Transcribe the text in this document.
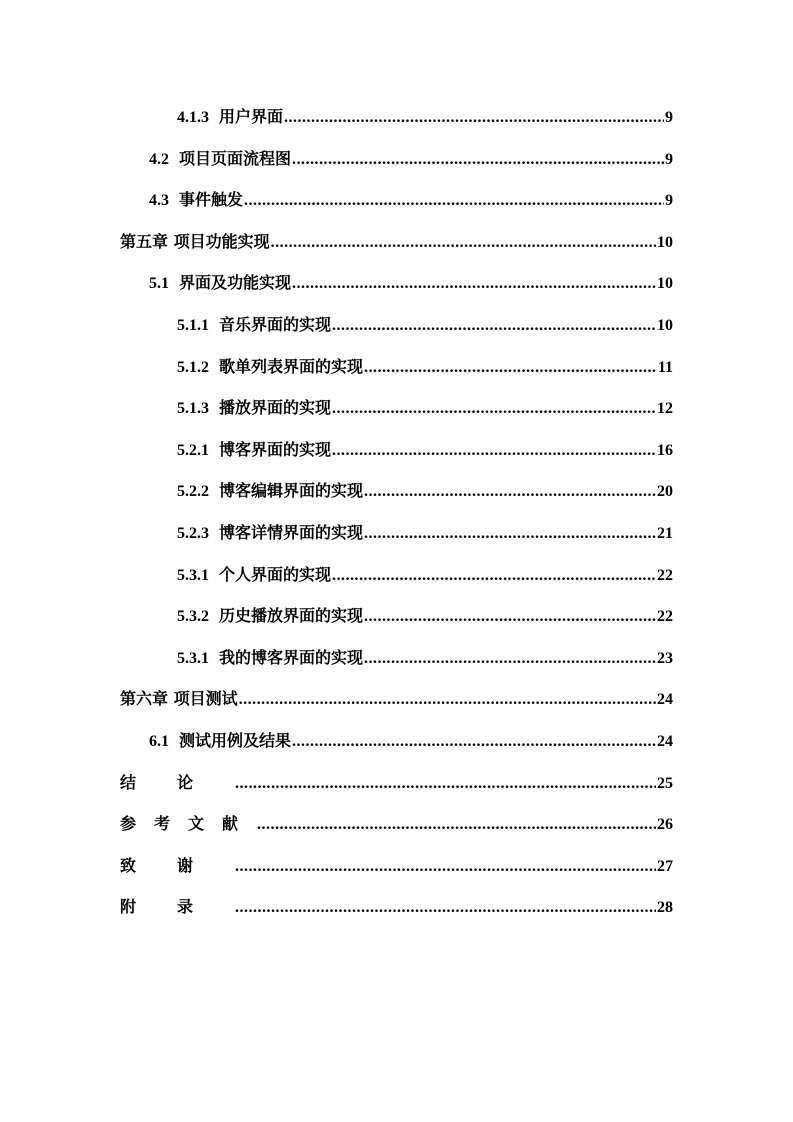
4.1.3 用户界面 .....	9
4.2 项目页面流程图 .....	9
4.3 事件触发 .....	9
第五章 项目功能实现 .....	10
5.1 界面及功能实现 .....	10
5.1.1 音乐界面的实现 .....	10
5.1.2 歌单列表界面的实现 .....	11
5.1.3 播放界面的实现 .....	12
5.2.1 博客界面的实现 .....	16
5.2.2 博客编辑界面的实现 .....	20
5.2.3 博客详情界面的实现 .....	21
5.3.1 个人界面的实现 .....	22
5.3.2 历史播放界面的实现 .....	22
5.3.1 我的博客界面的实现 .....	23
第六章 项目测试 .....	24
6.1 测试用例及结果 .....	24
结论 .....	25
参考文献 .....	26
致谢 .....	27
附录 .....	28
